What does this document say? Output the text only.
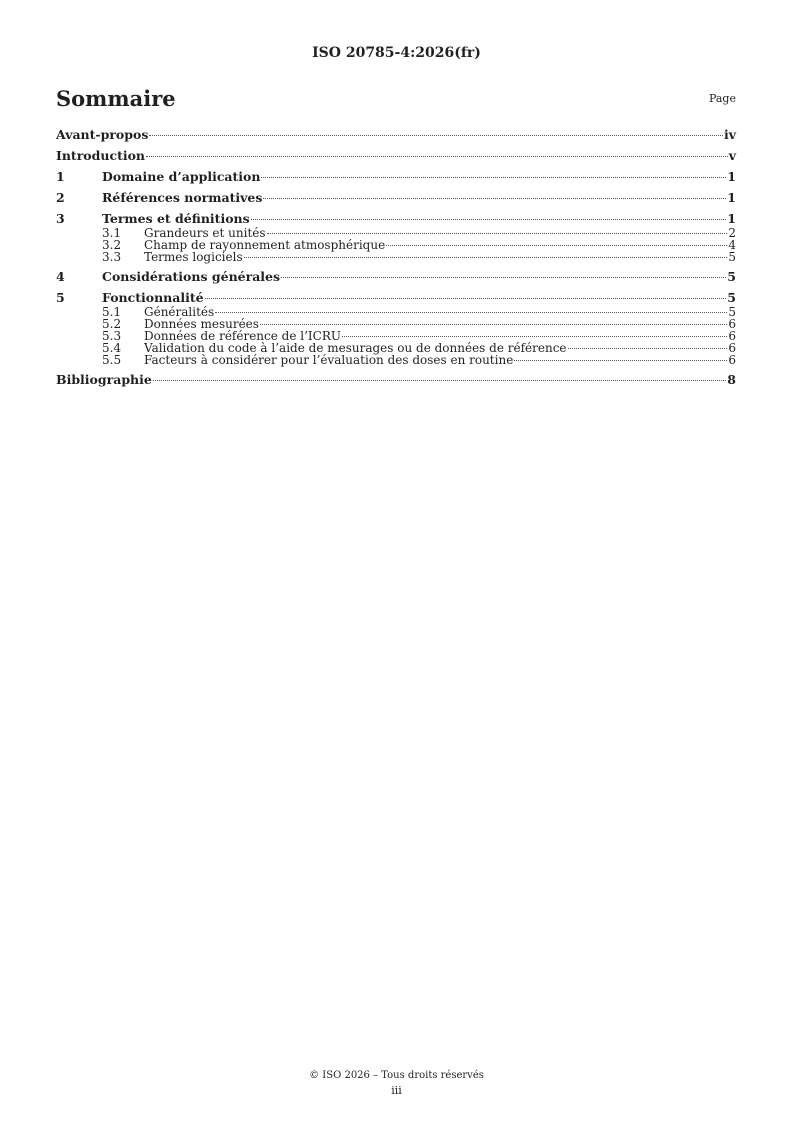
ISO 20785-4:2026(fr)
Sommaire	Page
Avant-propos	iv
Introduction	v
1	Domaine d’application	1
2	Références normatives	1
3	Termes et définitions	1
3.1	Grandeurs et unités	2
3.2	Champ de rayonnement atmosphérique	4
3.3	Termes logiciels	5
4	Considérations générales	5
5	Fonctionnalité	5
5.1	Généralités	5
5.2	Données mesurées	6
5.3	Données de référence de l’ICRU	6
5.4	Validation du code à l’aide de mesurages ou de données de référence	6
5.5	Facteurs à considérer pour l’évaluation des doses en routine	6
Bibliographie	8
© ISO 2026 – Tous droits réservés
iii
